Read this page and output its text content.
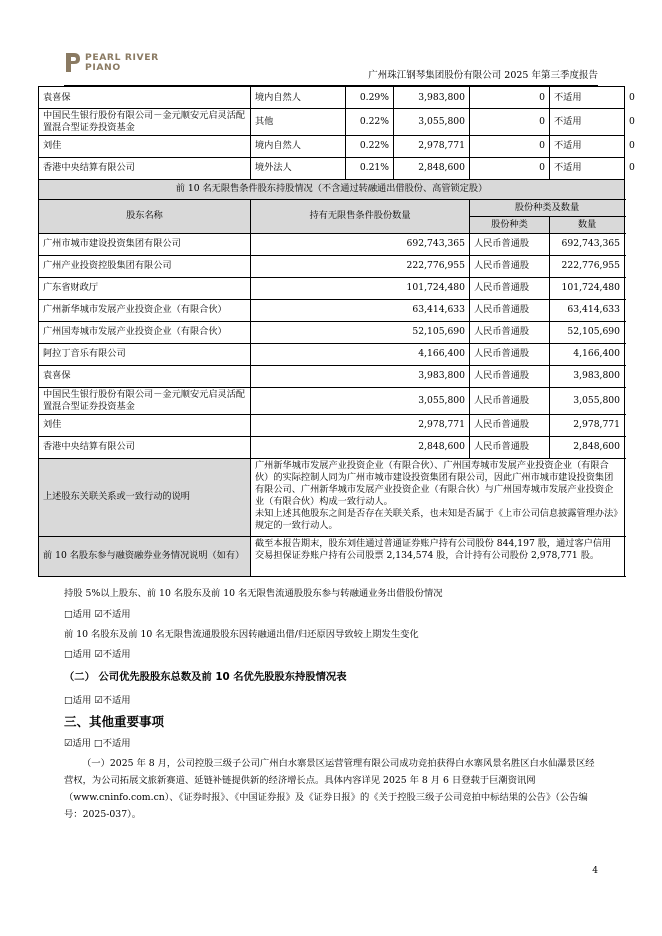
PEARL RIVER
PIANO
广州珠江钢琴集团股份有限公司 2025 年第三季度报告
袁喜保	境内自然人	0.29%	3,983,800	0	不适用	0
中国民生银行股份有限公司－金元顺安元启灵活配置混合型证券投资基金	其他	0.22%	3,055,800	0	不适用	0
刘佳	境内自然人	0.22%	2,978,771	0	不适用	0
香港中央结算有限公司	境外法人	0.21%	2,848,600	0	不适用	0
前 10 名无限售条件股东持股情况（不含通过转融通出借股份、高管锁定股）						
股东名称	持有无限售条件股份数量			股份种类及数量		
				股份种类	数量	
广州市城市建设投资集团有限公司	692,743,365			人民币普通股	692,743,365	
广州产业投资控股集团有限公司	222,776,955			人民币普通股	222,776,955	
广东省财政厅	101,724,480			人民币普通股	101,724,480	
广州新华城市发展产业投资企业（有限合伙）	63,414,633			人民币普通股	63,414,633	
广州国寿城市发展产业投资企业（有限合伙）	52,105,690			人民币普通股	52,105,690	
阿拉丁音乐有限公司	4,166,400			人民币普通股	4,166,400	
袁喜保	3,983,800			人民币普通股	3,983,800	
中国民生银行股份有限公司－金元顺安元启灵活配置混合型证券投资基金	3,055,800			人民币普通股	3,055,800	
刘佳	2,978,771			人民币普通股	2,978,771	
香港中央结算有限公司	2,848,600			人民币普通股	2,848,600	
上述股东关联关系或一致行动的说明	广州新华城市发展产业投资企业（有限合伙）、广州国寿城市发展产业投资企业（有限合伙）的实际控制人同为广州市城市建设投资集团有限公司，因此广州市城市建设投资集团有限公司、广州新华城市发展产业投资企业（有限合伙）与广州国寿城市发展产业投资企业（有限合伙）构成一致行动人。
未知上述其他股东之间是否存在关联关系，也未知是否属于《上市公司信息披露管理办法》规定的一致行动人。					
前 10 名股东参与融资融券业务情况说明（如有）	截至本报告期末，股东刘佳通过普通证券账户持有公司股份 844,197 股，通过客户信用交易担保证券账户持有公司股票 2,134,574 股，合计持有公司股份 2,978,771 股。					
持股 5%以上股东、前 10 名股东及前 10 名无限售流通股股东参与转融通业务出借股份情况
□适用 ☑不适用
前 10 名股东及前 10 名无限售流通股股东因转融通出借/归还原因导致较上期发生变化
□适用 ☑不适用
（二） 公司优先股股东总数及前 10 名优先股股东持股情况表
□适用 ☑不适用
三、其他重要事项
☑适用 □不适用
（一）2025 年 8 月，公司控股三级子公司广州白水寨景区运营管理有限公司成功竞拍获得白水寨风景名胜区白水仙瀑景区经营权，为公司拓展文旅新赛道、延链补链提供新的经济增长点。具体内容详见 2025 年 8 月 6 日登载于巨潮资讯网（www.cninfo.com.cn）、《证券时报》、《中国证券报》及《证券日报》的《关于控股三级子公司竞拍中标结果的公告》（公告编号：2025-037）。
4
